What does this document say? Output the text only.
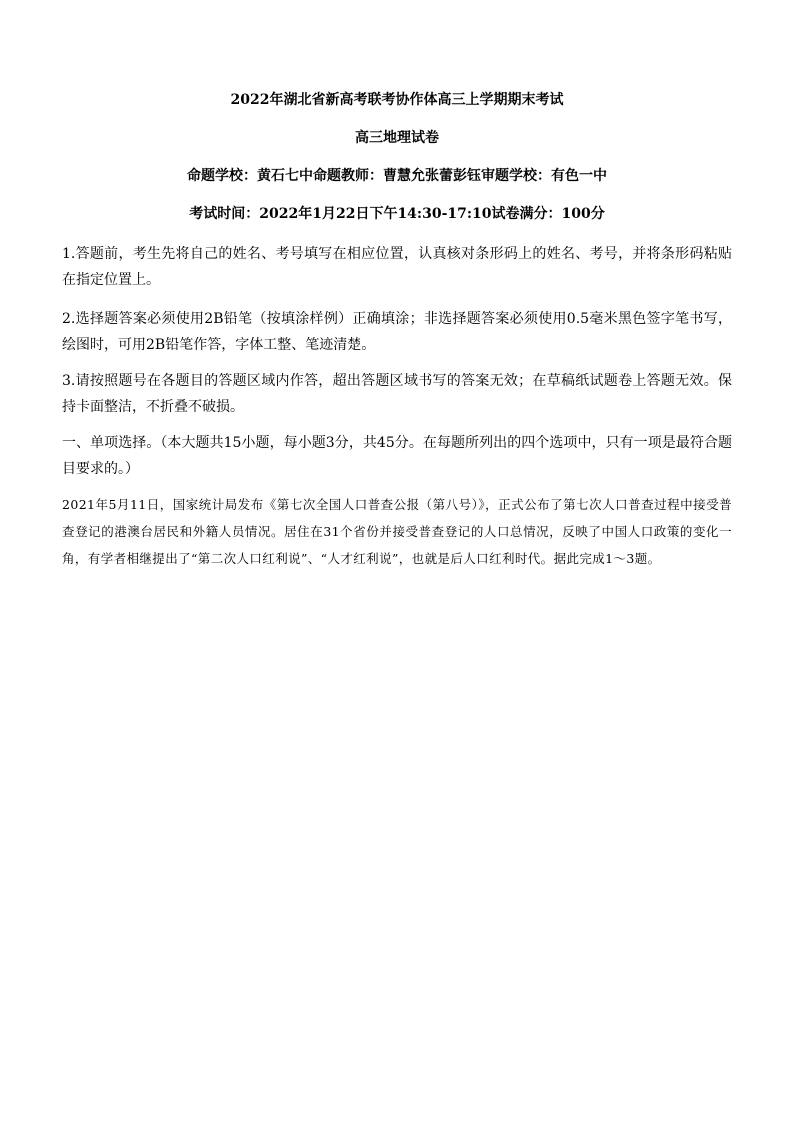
2022年湖北省新高考联考协作体高三上学期期末考试
高三地理试卷
命题学校：黄石七中命题教师：曹慧允张蕾彭钰审题学校：有色一中
考试时间：2022年1月22日下午14:30-17:10试卷满分：100分
1.答题前，考生先将自己的姓名、考号填写在相应位置，认真核对条形码上的姓名、考号，并将条形码粘贴在指定位置上。
2.选择题答案必须使用2B铅笔（按填涂样例）正确填涂；非选择题答案必须使用0.5毫米黑色签字笔书写，绘图时，可用2B铅笔作答，字体工整、笔迹清楚。
3.请按照题号在各题目的答题区域内作答，超出答题区域书写的答案无效；在草稿纸试题卷上答题无效。保持卡面整洁，不折叠不破损。
一、单项选择。（本大题共15小题，每小题3分，共45分。在每题所列出的四个选项中，只有一项是最符合题目要求的。）
2021年5月11日，国家统计局发布《第七次全国人口普查公报（第八号）》，正式公布了第七次人口普查过程中接受普查登记的港澳台居民和外籍人员情况。居住在31个省份并接受普查登记的人口总情况，反映了中国人口政策的变化一角，有学者相继提出了“第二次人口红利说”、“人才红利说”，也就是后人口红利时代。据此完成1～3题。
